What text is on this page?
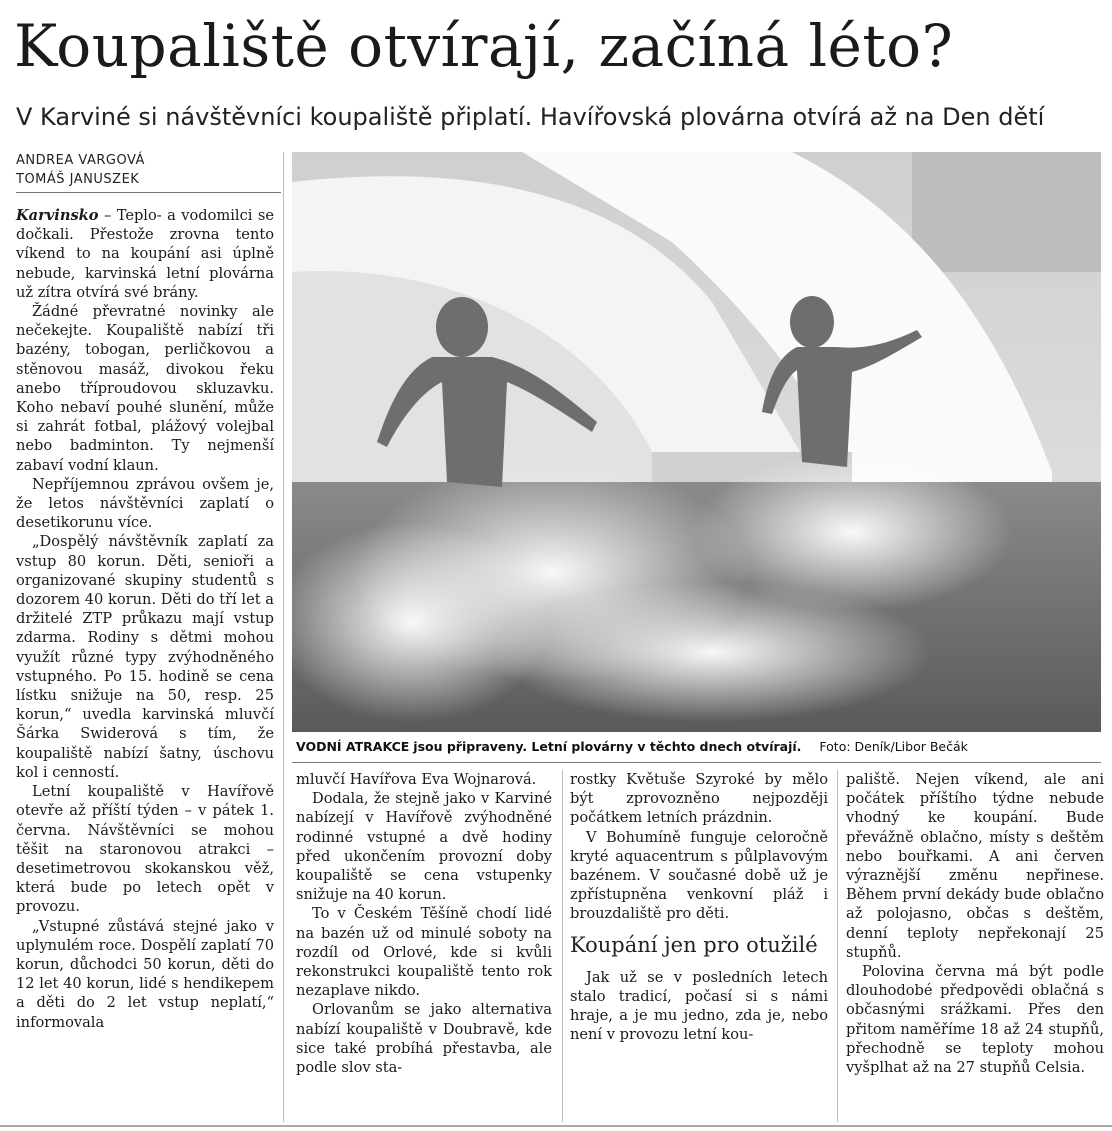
Koupaliště otvírají, začíná léto?
V Karviné si návštěvníci koupaliště připlatí. Havířovská plovárna otvírá až na Den dětí
ANDREA VARGOVÁ
TOMÁŠ JANUSZEK

Karvinsko – Teplo- a vodomilci se dočkali. Přestože zrovna tento víkend to na koupání asi úplně nebude, karvinská letní plovárna už zítra otvírá své brány.

Žádné převratné novinky ale nečekejte. Koupaliště nabízí tři bazény, tobogan, perličkovou a stěnovou masáž, divokou řeku anebo tříproudovou skluzavku. Koho nebaví pouhé slunění, může si zahrát fotbal, plážový volejbal nebo badminton. Ty nejmenší zabaví vodní klaun.

Nepříjemnou zprávou ovšem je, že letos návštěvníci zaplatí o desetikorunu více.

„Dospělý návštěvník zaplatí za vstup 80 korun. Děti, senioři a organizované skupiny studentů s dozorem 40 korun. Děti do tří let a držitelé ZTP průkazu mají vstup zdarma. Rodiny s dětmi mohou využít různé typy zvýhodněného vstupného. Po 15. hodině se cena lístku snižuje na 50, resp. 25 korun,“ uvedla karvinská mluvčí Šárka Swiderová s tím, že koupaliště nabízí šatny, úschovu kol i cenností.

Letní koupaliště v Havířově otevře až příští týden – v pátek 1. června. Návštěvníci se mohou těšit na staronovou atrakci – desetimetrovou skokanskou věž, která bude po letech opět v provozu.

„Vstupné zůstává stejné jako v uplynulém roce. Dospělí zaplatí 70 korun, důchodci 50 korun, děti do 12 let 40 korun, lidé s hendikepem a děti do 2 let vstup neplatí,“ informovala

VODNÍ ATRAKCE jsou připraveny. Letní plovárny v těchto dnech otvírají. Foto: Deník/Libor Bečák

mluvčí Havířova Eva Wojnarová.

Dodala, že stejně jako v Karviné nabízejí v Havířově zvýhodněné rodinné vstupné a dvě hodiny před ukončením provozní doby koupaliště se cena vstupenky snižuje na 40 korun.

To v Českém Těšíně chodí lidé na bazén už od minulé soboty na rozdíl od Orlové, kde si kvůli rekonstrukci koupaliště tento rok nezaplave nikdo.

Orlovanům se jako alternativa nabízí koupaliště v Doubravě, kde sice také probíhá přestavba, ale podle slov sta-

rostky Květuše Szyroké by mělo být zprovozněno nejpozději počátkem letních prázdnin.

V Bohumíně funguje celoročně kryté aquacentrum s půlplavovým bazénem. V současné době už je zpřístupněna venkovní pláž i brouzdaliště pro děti.

Koupání jen pro otužilé

Jak už se v posledních letech stalo tradicí, počasí si s námi hraje, a je mu jedno, zda je, nebo není v provozu letní kou-

paliště. Nejen víkend, ale ani počátek příštího týdne nebude vhodný ke koupání. Bude převážně oblačno, místy s deštěm nebo bouřkami. A ani červen výraznější změnu nepřinese. Během první dekády bude oblačno až polojasno, občas s deštěm, denní teploty nepřekonají 25 stupňů.

Polovina června má být podle dlouhodobé předpovědi oblačná s občasnými srážkami. Přes den přitom naměříme 18 až 24 stupňů, přechodně se teploty mohou vyšplhat až na 27 stupňů Celsia.
